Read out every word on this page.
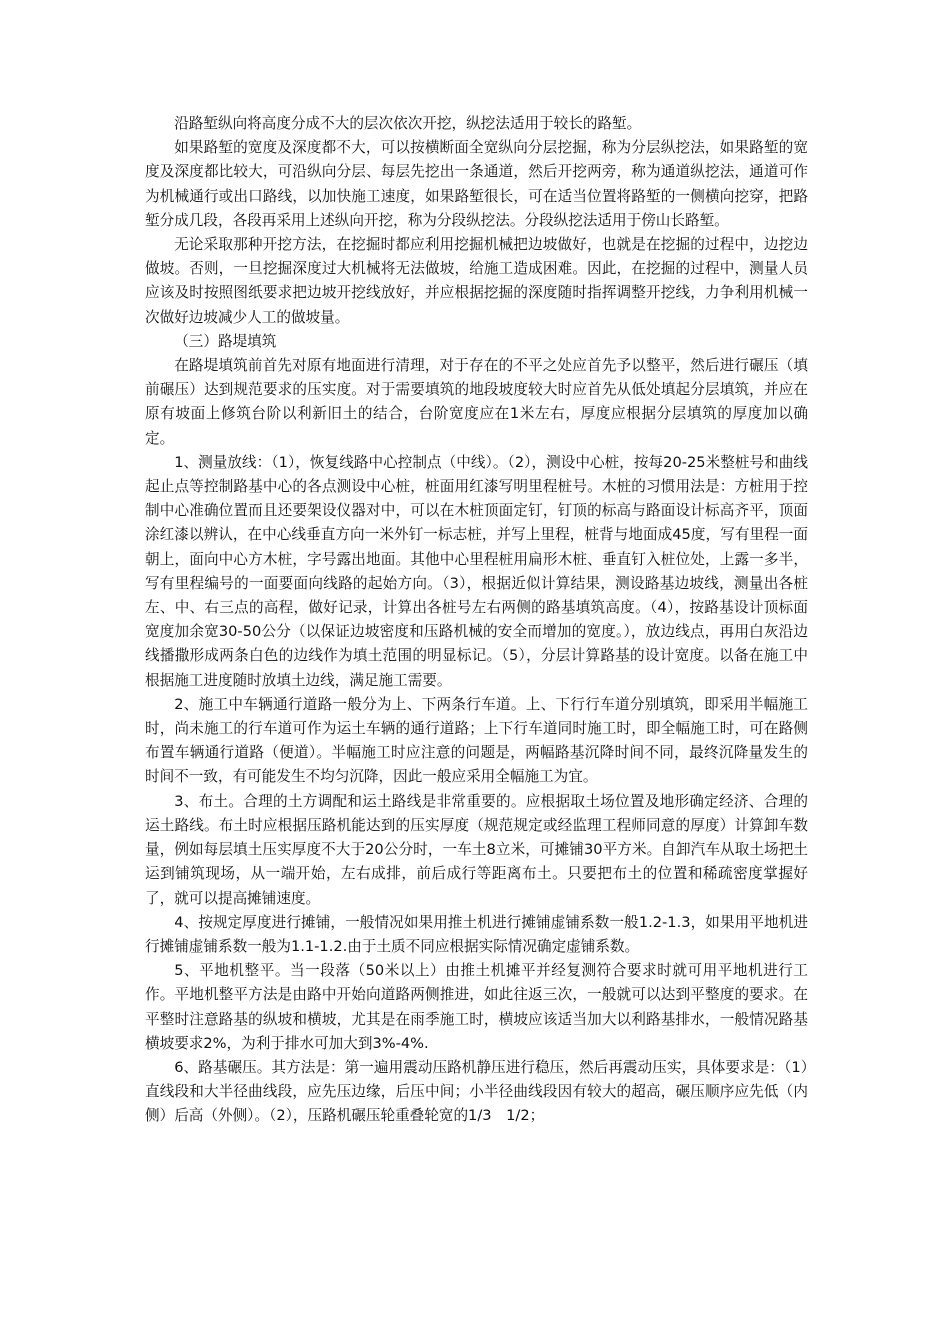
沿路堑纵向将高度分成不大的层次依次开挖，纵挖法适用于较长的路堑。

如果路堑的宽度及深度都不大，可以按横断面全宽纵向分层挖掘，称为分层纵挖法，如果路堑的宽度及深度都比较大，可沿纵向分层、每层先挖出一条通道，然后开挖两旁，称为通道纵挖法，通道可作为机械通行或出口路线，以加快施工速度，如果路堑很长，可在适当位置将路堑的一侧横向挖穿，把路堑分成几段，各段再采用上述纵向开挖，称为分段纵挖法。分段纵挖法适用于傍山长路堑。

无论采取那种开挖方法，在挖掘时都应利用挖掘机械把边坡做好，也就是在挖掘的过程中，边挖边做坡。否则，一旦挖掘深度过大机械将无法做坡，给施工造成困难。因此，在挖掘的过程中，测量人员应该及时按照图纸要求把边坡开挖线放好，并应根据挖掘的深度随时指挥调整开挖线，力争利用机械一次做好边坡减少人工的做坡量。

（三）路堤填筑

在路堤填筑前首先对原有地面进行清理，对于存在的不平之处应首先予以整平，然后进行碾压（填前碾压）达到规范要求的压实度。对于需要填筑的地段坡度较大时应首先从低处填起分层填筑，并应在原有坡面上修筑台阶以利新旧土的结合，台阶宽度应在1米左右，厚度应根据分层填筑的厚度加以确定。

1、测量放线：（1），恢复线路中心控制点（中线）。（2），测设中心桩，按每20-25米整桩号和曲线起止点等控制路基中心的各点测设中心桩，桩面用红漆写明里程桩号。木桩的习惯用法是：方桩用于控制中心准确位置而且还要架设仪器对中，可以在木桩顶面定钉，钉顶的标高与路面设计标高齐平，顶面涂红漆以辨认，在中心线垂直方向一米外钉一标志桩，并写上里程，桩背与地面成45度，写有里程一面朝上，面向中心方木桩，字号露出地面。其他中心里程桩用扁形木桩、垂直钉入桩位处，上露一多半，写有里程编号的一面要面向线路的起始方向。（3），根据近似计算结果，测设路基边坡线，测量出各桩左、中、右三点的高程，做好记录，计算出各桩号左右两侧的路基填筑高度。（4），按路基设计顶标面宽度加余宽30-50公分（以保证边坡密度和压路机械的安全而增加的宽度。），放边线点，再用白灰沿边线播撒形成两条白色的边线作为填土范围的明显标记。（5），分层计算路基的设计宽度。以备在施工中根据施工进度随时放填土边线，满足施工需要。

2、施工中车辆通行道路一般分为上、下两条行车道。上、下行行车道分别填筑，即采用半幅施工时，尚未施工的行车道可作为运土车辆的通行道路；上下行车道同时施工时，即全幅施工时，可在路侧布置车辆通行道路（便道）。半幅施工时应注意的问题是，两幅路基沉降时间不同，最终沉降量发生的时间不一致，有可能发生不均匀沉降，因此一般应采用全幅施工为宜。

3、布土。合理的土方调配和运土路线是非常重要的。应根据取土场位置及地形确定经济、合理的运土路线。布土时应根据压路机能达到的压实厚度（规范规定或经监理工程师同意的厚度）计算卸车数量，例如每层填土压实厚度不大于20公分时，一车土8立米，可摊铺30平方米。自卸汽车从取土场把土运到铺筑现场，从一端开始，左右成排，前后成行等距离布土。只要把布土的位置和稀疏密度掌握好了，就可以提高摊铺速度。

4、按规定厚度进行摊铺，一般情况如果用推土机进行摊铺虚铺系数一般1.2-1.3，如果用平地机进行摊铺虚铺系数一般为1.1-1.2.由于土质不同应根据实际情况确定虚铺系数。

5、平地机整平。当一段落（50米以上）由推土机摊平并经复测符合要求时就可用平地机进行工作。平地机整平方法是由路中开始向道路两侧推进，如此往返三次，一般就可以达到平整度的要求。在平整时注意路基的纵坡和横坡，尤其是在雨季施工时，横坡应该适当加大以利路基排水，一般情况路基横坡要求2%，为利于排水可加大到3%-4%.

6、路基碾压。其方法是：第一遍用震动压路机静压进行稳压，然后再震动压实，具体要求是：（1）直线段和大半径曲线段，应先压边缘，后压中间；小半径曲线段因有较大的超高，碾压顺序应先低（内侧）后高（外侧）。（2），压路机碾压轮重叠轮宽的1/3　1/2；
